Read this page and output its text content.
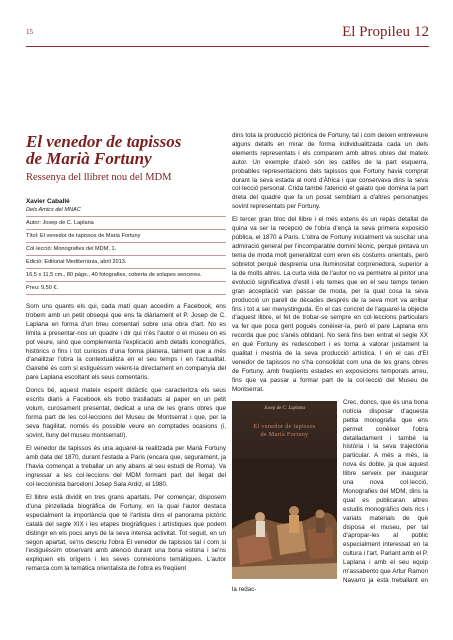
15	El Propileu 12
El venedor de tapissos
de Marià Fortuny
Ressenya del llibret nou del MDM
Xavier Caballé
Dels Amics del MNAC
Autor: Josep de C. Laplana
Títol: El venedor de tapissos de Marià Fortuny
Col·lecció: Monografies del MDM, 1.
Edició: Editorial Mediterrània, abril 2013.
16,5 x 11,5 cm., 80 pàgs., 40 fotografies, coberta de solapes senceres.
Preu: 9,50 €.

Som uns quants els qui, cada matí quan accedim a Facebook, ens trobem amb un petit obsequi que ens fa diàriament el P. Josep de C. Laplana en forma d'un breu comentari sobre una obra d'art. No es limita a presentar-nos un quadre i dir qui n'és l'autor o el museu on es pot veure, sinó que complementa l'explicació amb detalls iconogràfics, històrics o fins i tot curiosos d'una forma planera, talment que a més d'analitzar l'obra la contextualitza en el seu temps i en l'actualitat. Gairebé és com si estiguéssim veient-la directament en companyia del pare Laplana escoltant els seus comentaris.

Doncs bé, aquest mateix esperit didàctic que caracteritza els seus escrits diaris a Facebook els trobo traslladats al paper en un petit volum, curosament presentat, dedicat a una de les grans obres que forma part de les col·leccions del Museu de Montserrat i que, per la seva fragilitat, només és possible veure en comptades ocasions (i, sovint, lluny del museu montserratí).

El venedor de tapissos és una aquarel·la realitzada per Marià Fortuny amb data del 1870, durant l'estada a Paris (encara que, segurament, ja l'havia començat a treballar un any abans al seu estudi de Roma). Va ingressar a les col·leccions del MDM formant part del llegat del col·leccionista barceloní Josep Sala Ardiz, el 1980.

El llibre està dividit en tres grans apartats. Per començar, disposem d'una pinzellada biogràfica de Fortuny, en la qual l'autor destaca especialment la importància que té l'artista dins el panorama pictòric català del segle XIX i les etapes biogràfiques i artístiques que podem distingir en els pocs anys de la seva intensa activitat. Tot seguit, en un segon apartat, se'ns descriu l'obra El venedor de tapissos tal i com si l'estiguéssim observant amb atenció durant una bona estona i se'ns expliquen els orígens i les seves connexions temàtiques. L'autor remarca com la temàtica orientalista de l'obra es freqüent

dins tota la producció pictòrica de Fortuny, tal i com deixen entreveure alguns detalls en mirar de forma individualitzada cada un dels elements representats i els comparem amb altres obres del mateix autor. Un exemple d'això són les catifes de la part esquerra, probables representacions dels tapissos que Fortuny havia comprat durant la seva estada al nord d'Àfrica i que conservava dins la seva col·lecció personal. Crida també l'atenció el gaiato que domina la part dreta del quadre que fa un posat semblant a d'altres personatges sovint representats per Fortuny.

El tercer gran bloc del llibre i el més extens és un repàs detallat de quina va ser la recepció de l'obra d'ençà la seva primera exposició pública, el 1870 a Paris. L'obra de Fortuny inicialment va suscitar una admiració general per l'incomparable domini tècnic, perquè pintava un tema de moda molt generalitzat com eren els costums orientals, però sobretot perquè desprenia una lluminositat corprenedora, superior a la de molts altres. La curta vida de l'autor no va permetre al pintor una evolució significativa d'estil i els temes que en el seu temps tenien gran acceptació van passar de moda, per la qual cosa la seva producció un parell de dècades després de la seva mort va arribar fins i tot a ser menystinguda. En el cas concret de l'aquarel·la objecte d'aquest llibre, el fet de trobar-se sempre en col·leccions particulars va fer que poca gent pogués conèixer-la, però el pare Laplana ens recorda que poc s'anés oblidant. No serà fins ben entrat el segle XX en què Fortuny és redescobert i es torna a valorar justament la qualitat i mestria de la seva producció artística. I en el cas d'El venedor de tapissos no s'ha consolidat com una de les grans obres de Fortuny, amb freqüents estades en exposicions temporals arreu, fins que va passar a formar part de la col·lecció del Museu de Montserrat.

Josep de C. Laplana
El venedor de tapissos
de Marià Fortuny

Crec, doncs, que és una bona notícia disposar d'aquesta petita monografia que ens permet conèixer l'obra detalladament i també la història i la seva trajectòria particular. A més a més, la nova és doble, ja que aquest llibre serveix per inaugurar una nova col·lecció, Monografies del MDM, dins la qual es publicaran altres estudis monogràfics dels rics i variats materials de què disposa el museu, per tal d'apropar-les al públic especialment interessat en la cultura i l'art. Parlant amb el P. Laplana i amb el seu equip m'assabento que Artur Ramon Navarro ja està treballant en la redac-
